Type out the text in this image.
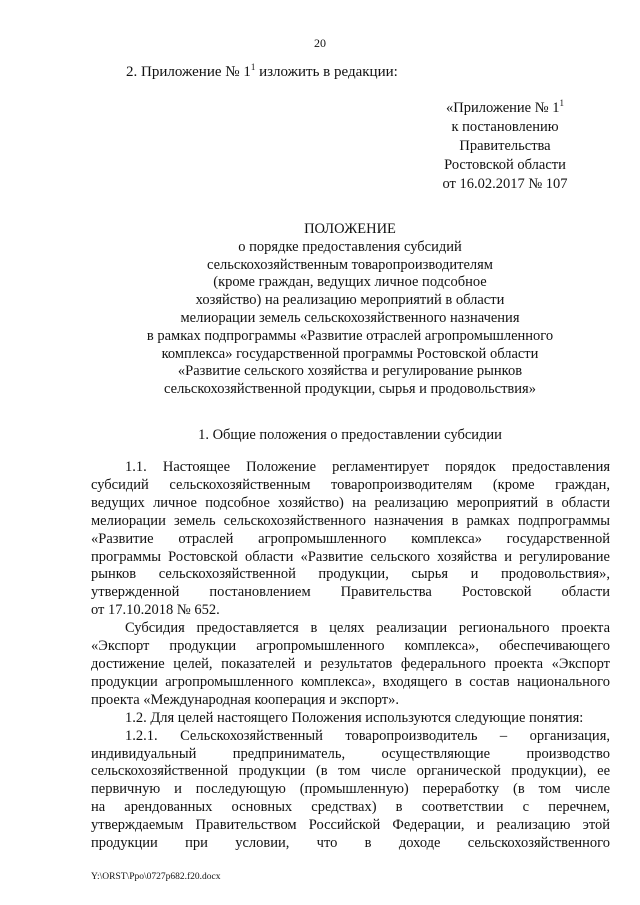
20
2. Приложение № $1^1$ изложить в редакции:
«Приложение № $1^1$
к постановлению
Правительства
Ростовской области
от 16.02.2017 № 107
ПОЛОЖЕНИЕ
о порядке предоставления субсидий
сельскохозяйственным товаропроизводителям
(кроме граждан, ведущих личное подсобное
хозяйство) на реализацию мероприятий в области
мелиорации земель сельскохозяйственного назначения
в рамках подпрограммы «Развитие отраслей агропромышленного
комплекса» государственной программы Ростовской области
«Развитие сельского хозяйства и регулирование рынков
сельскохозяйственной продукции, сырья и продовольствия»
1. Общие положения о предоставлении субсидии

1.1. Настоящее Положение регламентирует порядок предоставления
субсидий сельскохозяйственным товаропроизводителям (кроме граждан,
ведущих личное подсобное хозяйство) на реализацию мероприятий в области
мелиорации земель сельскохозяйственного назначения в рамках подпрограммы
«Развитие отраслей агропромышленного комплекса» государственной
программы Ростовской области «Развитие сельского хозяйства и регулирование
рынков сельскохозяйственной продукции, сырья и продовольствия»,
утвержденной постановлением Правительства Ростовской области
от 17.10.2018 № 652.

Субсидия предоставляется в целях реализации регионального проекта
«Экспорт продукции агропромышленного комплекса», обеспечивающего
достижение целей, показателей и результатов федерального проекта «Экспорт
продукции агропромышленного комплекса», входящего в состав национального
проекта «Международная кооперация и экспорт».

1.2. Для целей настоящего Положения используются следующие понятия:

1.2.1. Сельскохозяйственный товаропроизводитель – организация,
индивидуальный предприниматель, осуществляющие производство
сельскохозяйственной продукции (в том числе органической продукции), ее
первичную и последующую (промышленную) переработку (в том числе
на арендованных основных средствах) в соответствии с перечнем,
утверждаемым Правительством Российской Федерации, и реализацию этой
продукции при условии, что в доходе сельскохозяйственного

Y:\ORST\Ppo\0727p682.f20.docx
